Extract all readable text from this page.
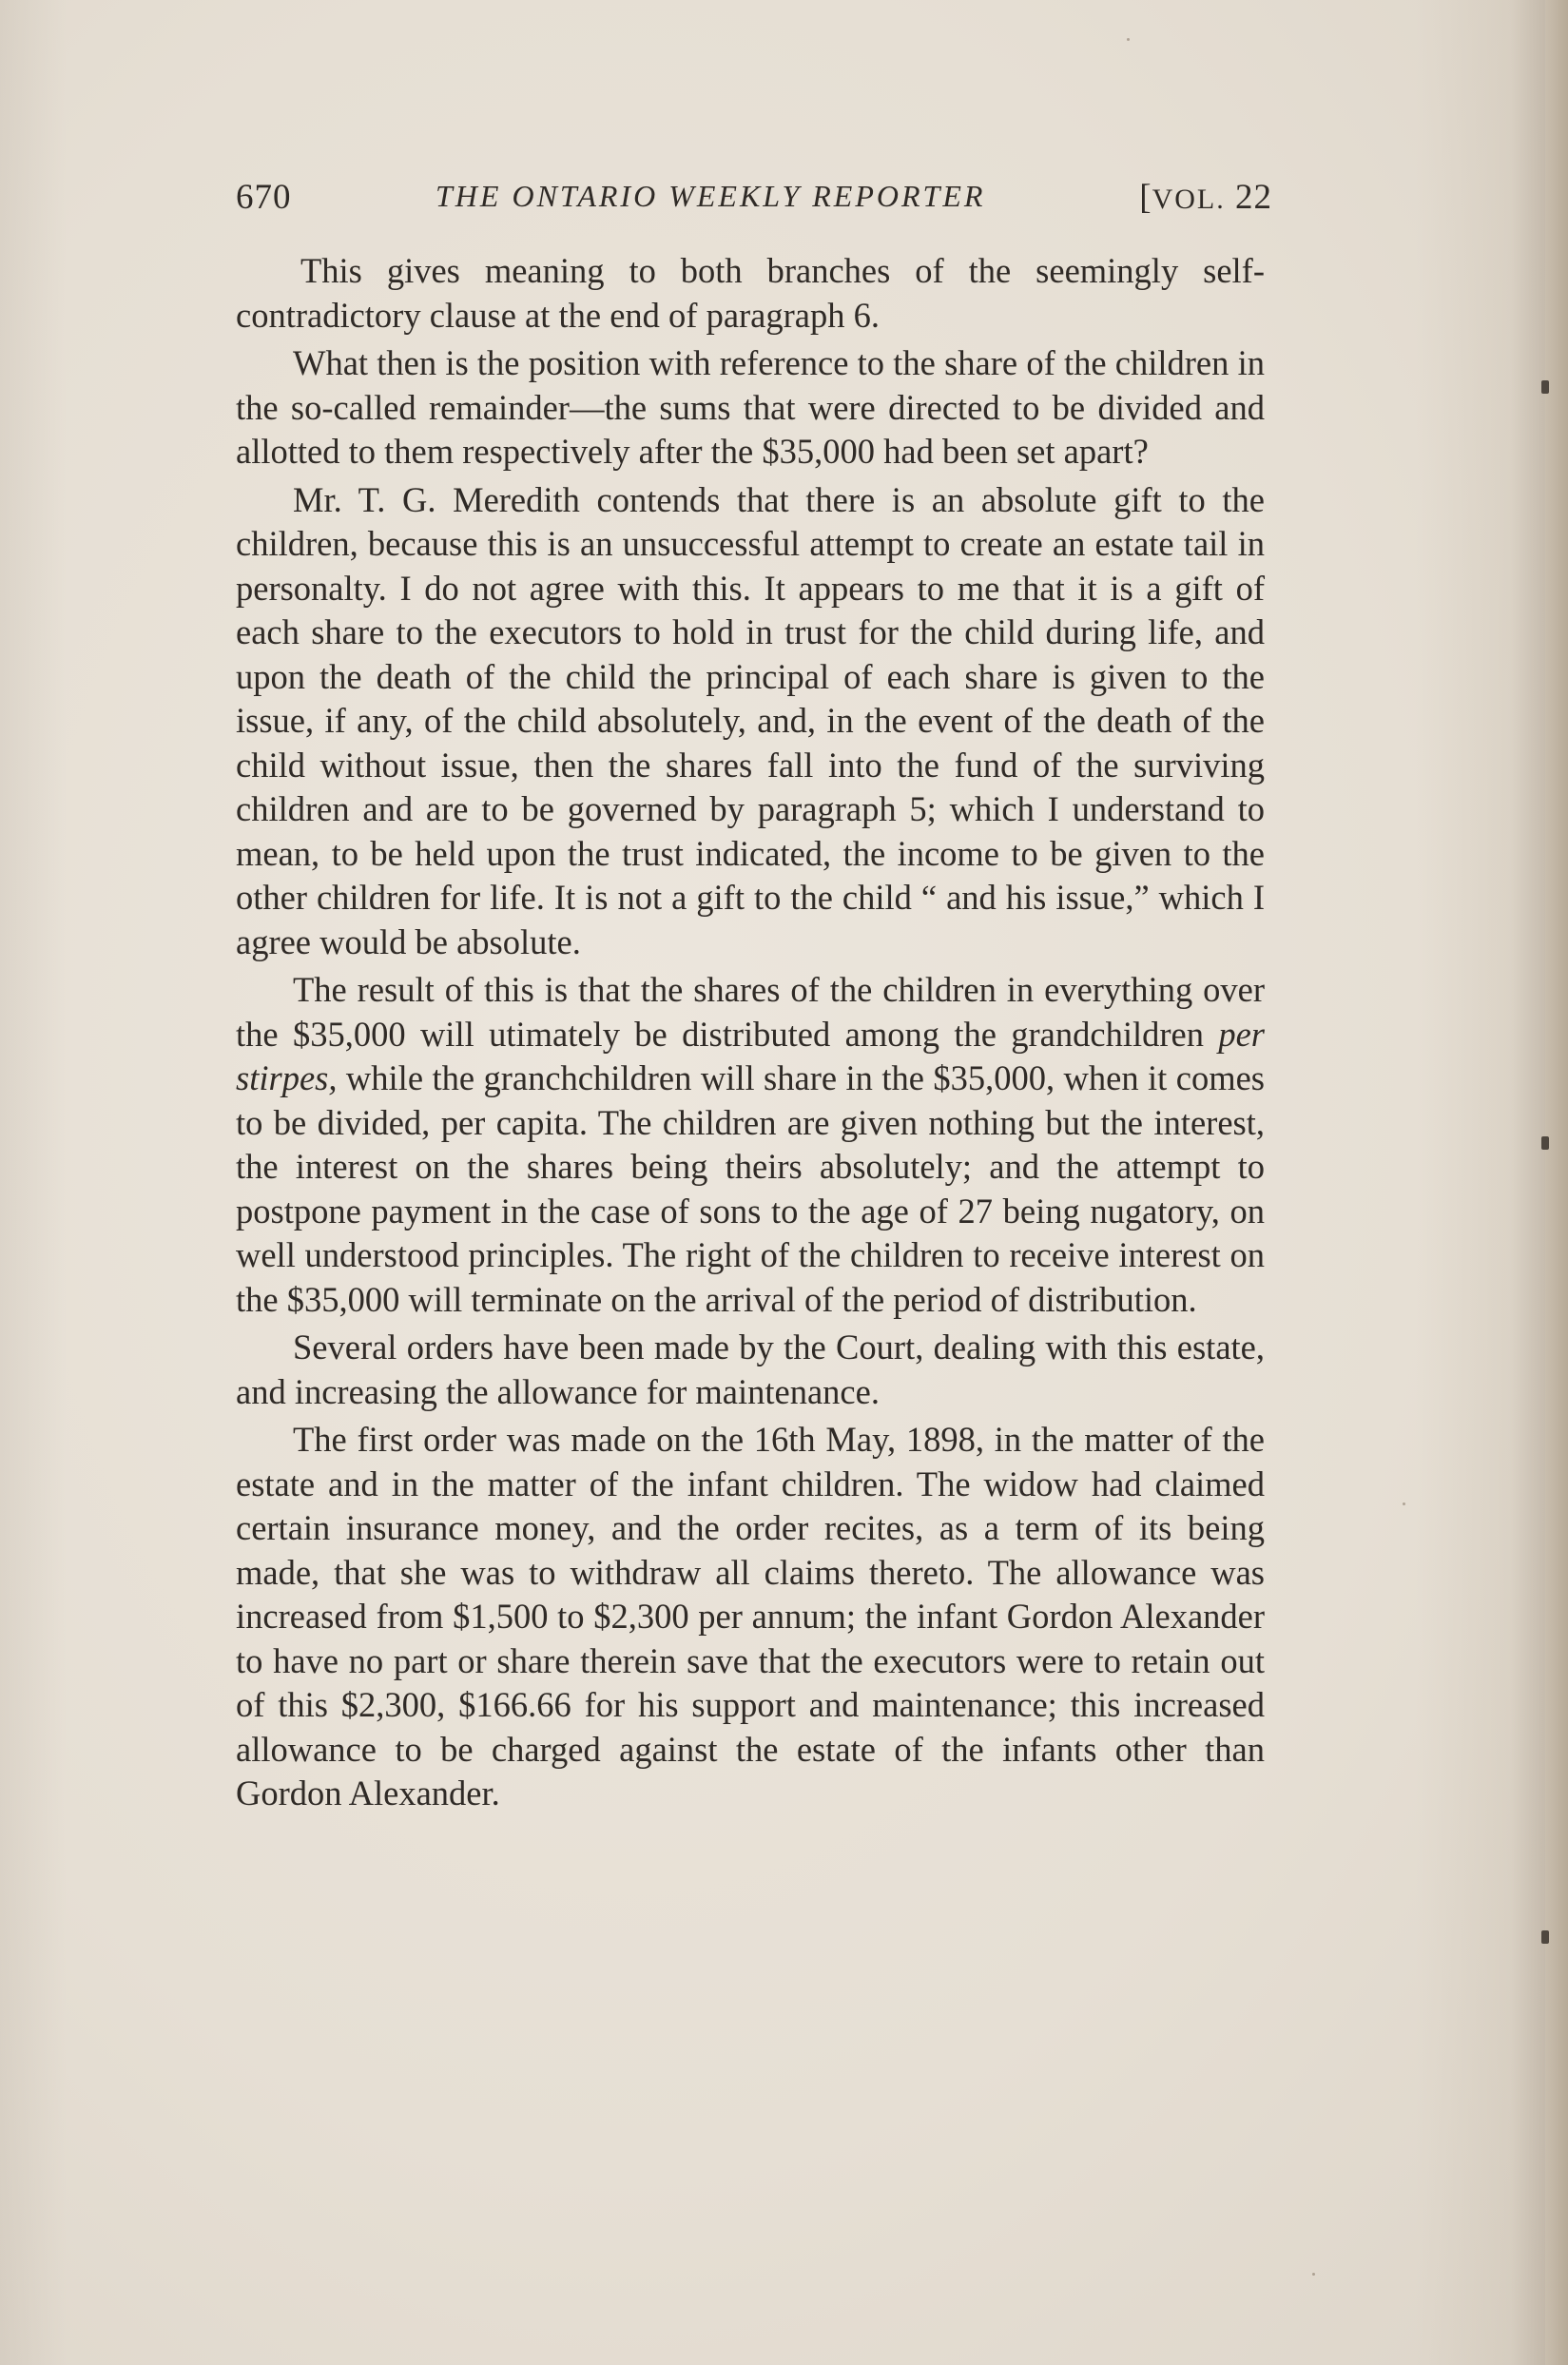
670	THE ONTARIO WEEKLY REPORTER	[VOL. 22

This gives meaning to both branches of the seemingly self-contradictory clause at the end of paragraph 6.

What then is the position with reference to the share of the children in the so-called remainder—the sums that were directed to be divided and allotted to them respectively after the $35,000 had been set apart?

Mr. T. G. Meredith contends that there is an absolute gift to the children, because this is an unsuccessful attempt to create an estate tail in personalty. I do not agree with this. It appears to me that it is a gift of each share to the executors to hold in trust for the child during life, and upon the death of the child the principal of each share is given to the issue, if any, of the child absolutely, and, in the event of the death of the child without issue, then the shares fall into the fund of the surviving children and are to be governed by paragraph 5; which I understand to mean, to be held upon the trust indicated, the income to be given to the other children for life. It is not a gift to the child “ and his issue,” which I agree would be absolute.

The result of this is that the shares of the children in everything over the $35,000 will utimately be distributed among the grandchildren per stirpes, while the granchchildren will share in the $35,000, when it comes to be divided, per capita. The children are given nothing but the interest, the interest on the shares being theirs absolutely; and the attempt to postpone payment in the case of sons to the age of 27 being nugatory, on well understood principles. The right of the children to receive interest on the $35,000 will terminate on the arrival of the period of distribution.

Several orders have been made by the Court, dealing with this estate, and increasing the allowance for maintenance.

The first order was made on the 16th May, 1898, in the matter of the estate and in the matter of the infant children. The widow had claimed certain insurance money, and the order recites, as a term of its being made, that she was to withdraw all claims thereto. The allowance was increased from $1,500 to $2,300 per annum; the infant Gordon Alexander to have no part or share therein save that the executors were to retain out of this $2,300, $166.66 for his support and maintenance; this increased allowance to be charged against the estate of the infants other than Gordon Alexander.
